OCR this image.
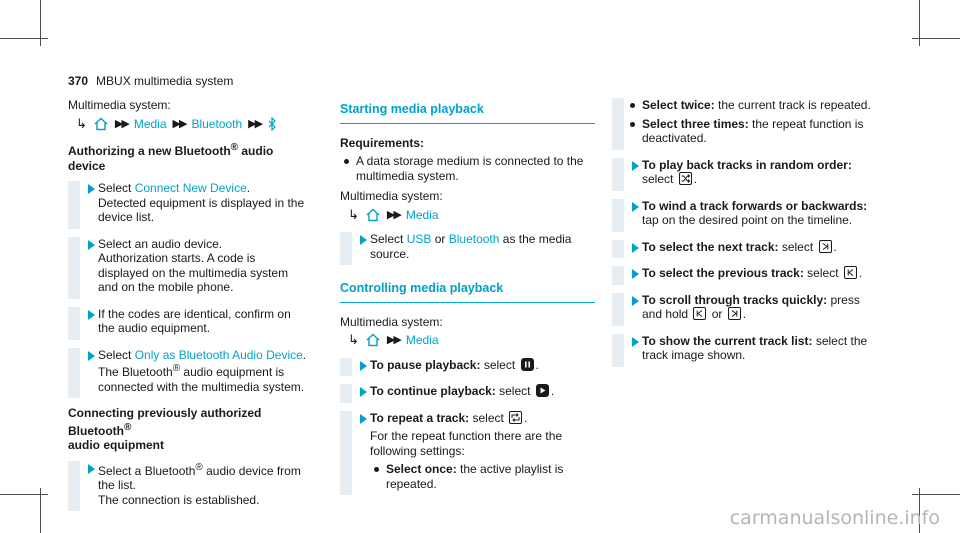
370 MBUX multimedia system
Multimedia system:
↳	▶▶ Media ▶▶ Bluetooth ▶▶
Authorizing a new Bluetooth® audio device
Select Connect New Device.
Detected equipment is displayed in the device list.
Select an audio device.
Authorization starts. A code is displayed on the multimedia system and on the mobile phone.
If the codes are identical, confirm on the audio equipment.
Select Only as Bluetooth Audio Device.
The Bluetooth® audio equipment is connected with the multimedia system.
Connecting previously authorized Bluetooth®
audio equipment
Select a Bluetooth® audio device from the list.
The connection is established.
Starting media playback
Requirements:
A data storage medium is connected to the multimedia system.
Multimedia system:
↳	▶▶ Media
Select USB or Bluetooth as the media source.
Controlling media playback
Multimedia system:
↳	▶▶ Media
To pause playback: select
.
To continue playback: select
.
To repeat a track: select
.
For the repeat function there are the following settings:
Select once: the active playlist is repeated.
Select twice: the current track is repeated.
Select three times: the repeat function is deactivated.
To play back tracks in random order: select
.
To wind a track forwards or backwards: tap on the desired point on the timeline.
To select the next track: select
.
To select the previous track: select
.
To scroll through tracks quickly: press and hold
or
.
To show the current track list: select the track image shown.
carmanualsonline.info
